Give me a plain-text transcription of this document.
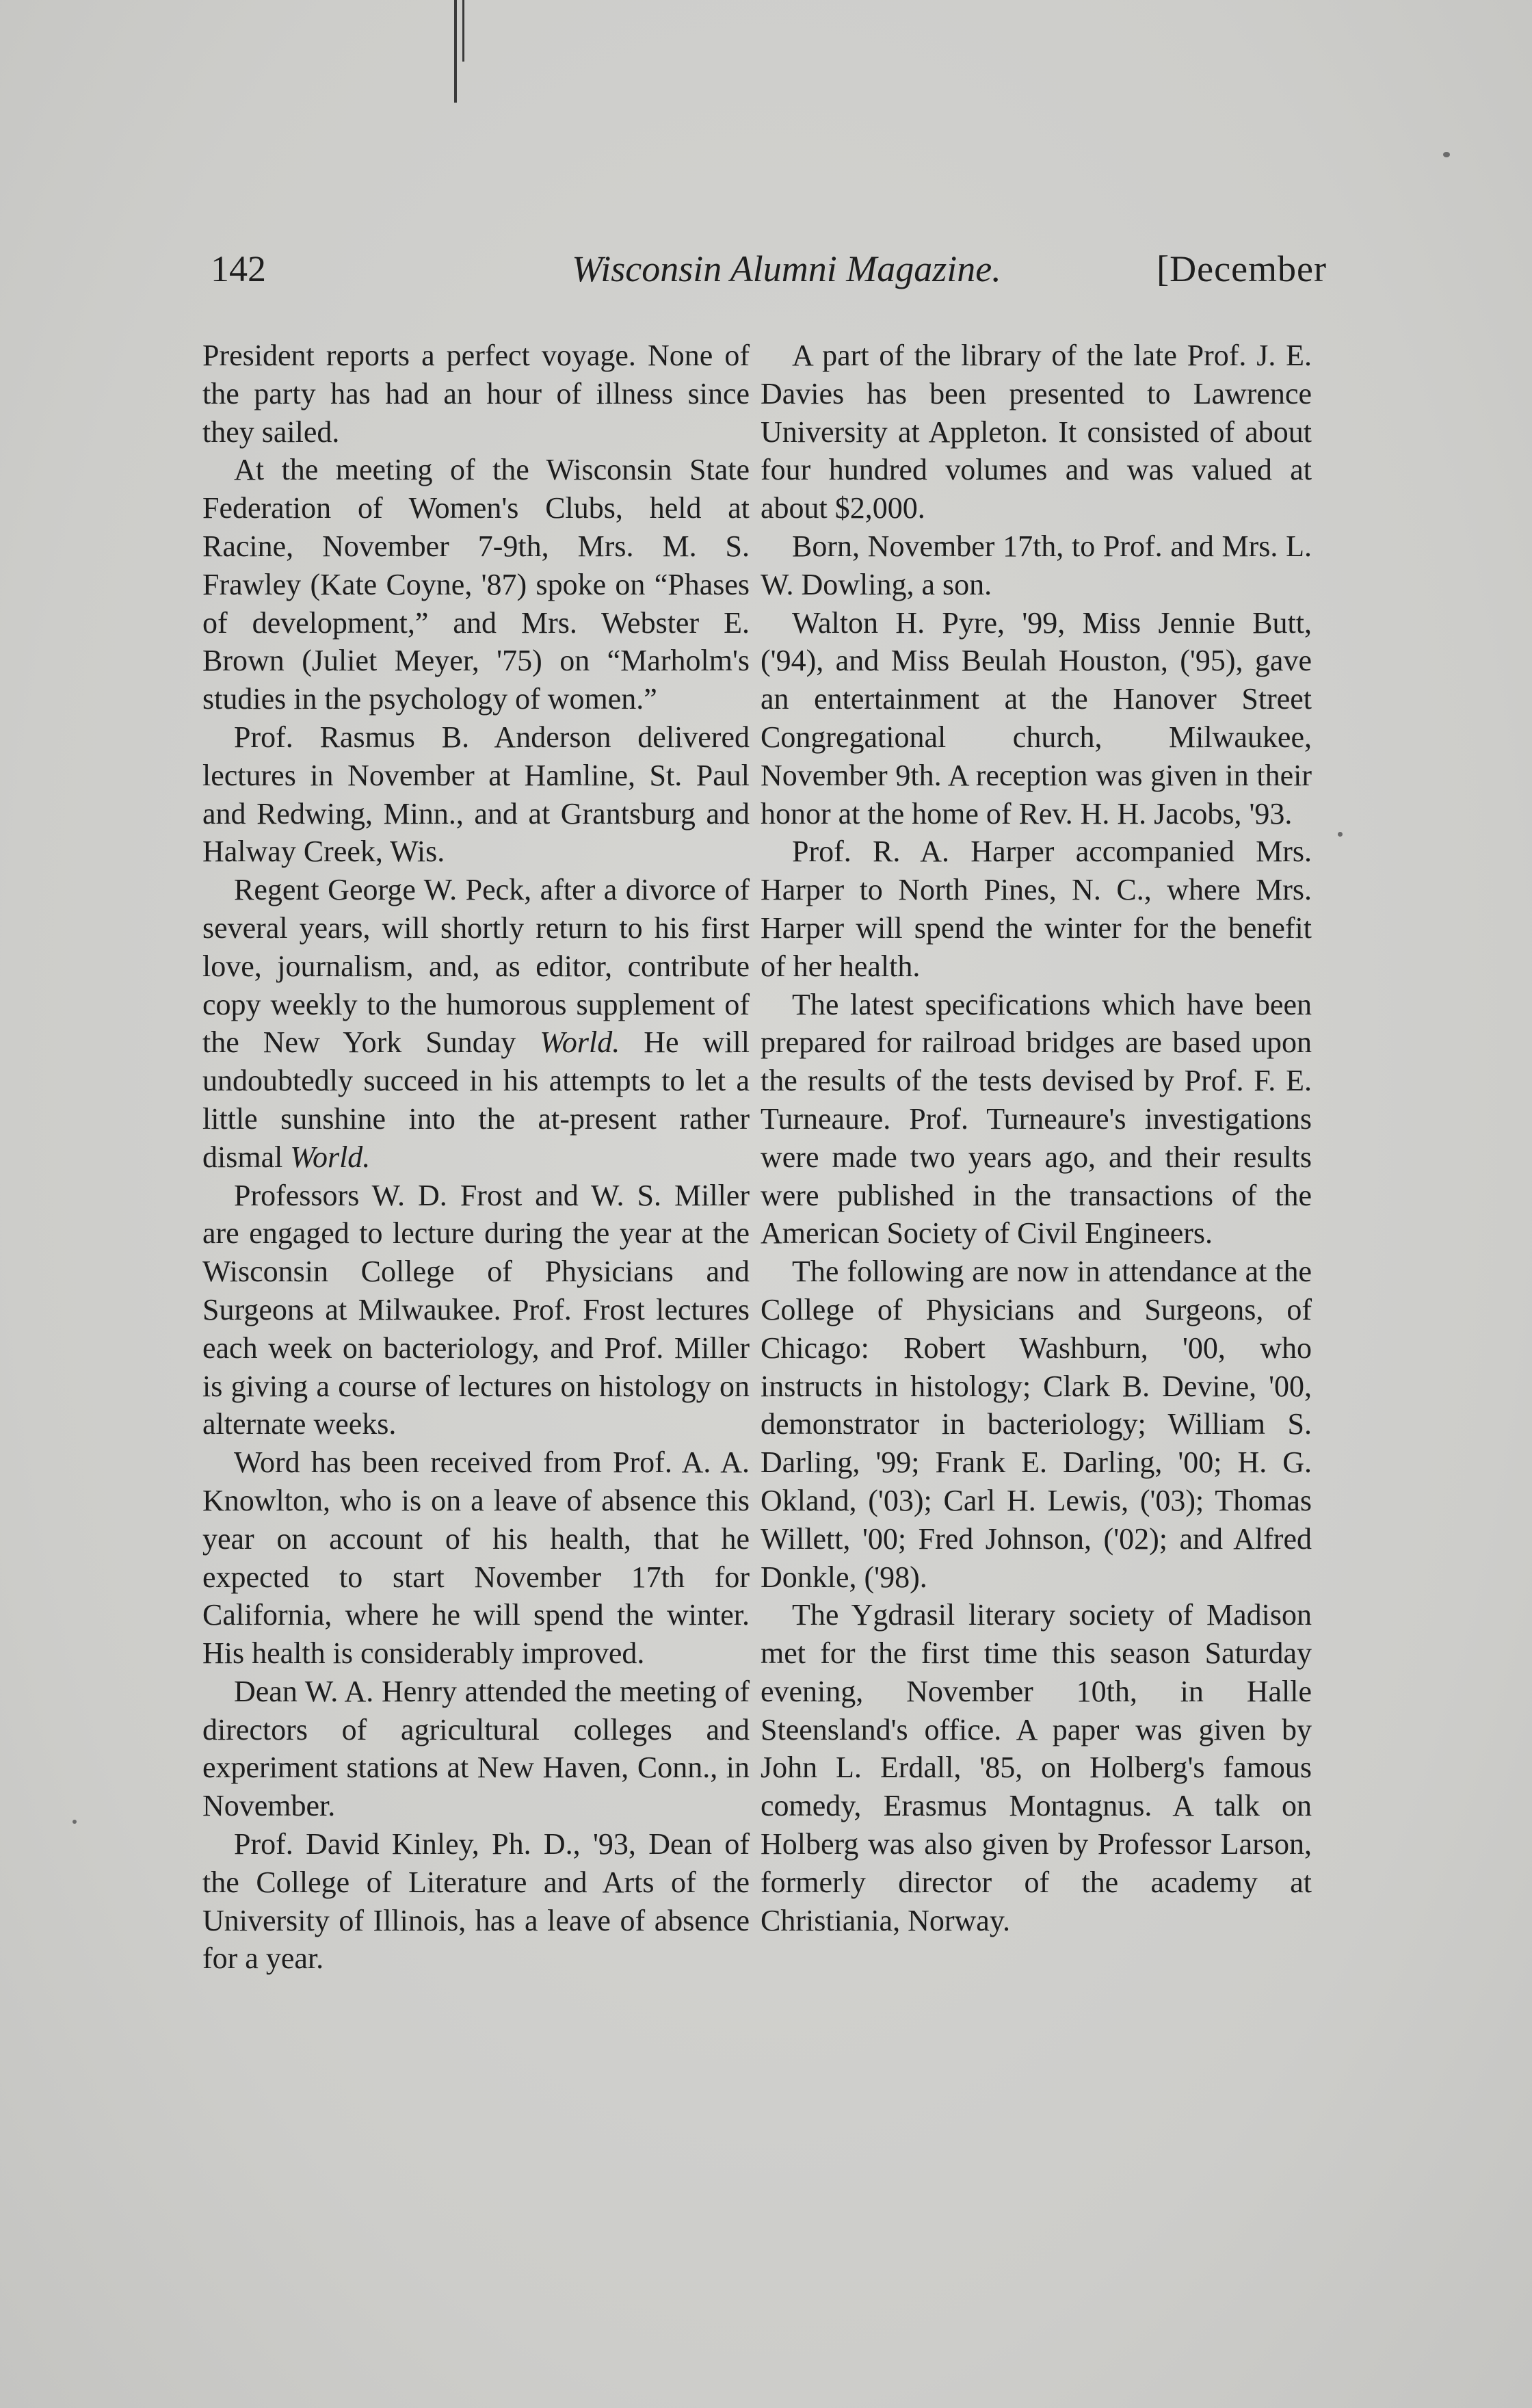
142	Wisconsin Alumni Magazine.	[December

President reports a perfect voyage. None of the party has had an hour of illness since they sailed.

At the meeting of the Wisconsin State Federation of Women's Clubs, held at Racine, November 7-9th, Mrs. M. S. Frawley (Kate Coyne, '87) spoke on “Phases of development,” and Mrs. Webster E. Brown (Juliet Meyer, '75) on “Marholm's studies in the psychology of women.”

Prof. Rasmus B. Anderson delivered lectures in November at Hamline, St. Paul and Redwing, Minn., and at Grantsburg and Halway Creek, Wis.

Regent George W. Peck, after a divorce of several years, will shortly return to his first love, journalism, and, as editor, contribute copy weekly to the humorous supplement of the New York Sunday World. He will undoubtedly succeed in his attempts to let a little sunshine into the at-present rather dismal World.

Professors W. D. Frost and W. S. Miller are engaged to lecture during the year at the Wisconsin College of Physicians and Surgeons at Milwaukee. Prof. Frost lectures each week on bacteriology, and Prof. Miller is giving a course of lectures on histology on alternate weeks.

Word has been received from Prof. A. A. Knowlton, who is on a leave of absence this year on account of his health, that he expected to start November 17th for California, where he will spend the winter. His health is considerably improved.

Dean W. A. Henry attended the meeting of directors of agricultural colleges and experiment stations at New Haven, Conn., in November.

Prof. David Kinley, Ph. D., '93, Dean of the College of Literature and Arts of the University of Illinois, has a leave of absence for a year.

A part of the library of the late Prof. J. E. Davies has been presented to Lawrence University at Appleton. It consisted of about four hundred volumes and was valued at about $2,000.

Born, November 17th, to Prof. and Mrs. L. W. Dowling, a son.

Walton H. Pyre, '99, Miss Jennie Butt, ('94), and Miss Beulah Houston, ('95), gave an entertainment at the Hanover Street Congregational church, Milwaukee, November 9th. A reception was given in their honor at the home of Rev. H. H. Jacobs, '93.

Prof. R. A. Harper accompanied Mrs. Harper to North Pines, N. C., where Mrs. Harper will spend the winter for the benefit of her health.

The latest specifications which have been prepared for railroad bridges are based upon the results of the tests devised by Prof. F. E. Turneaure. Prof. Turneaure's investigations were made two years ago, and their results were published in the transactions of the American Society of Civil Engineers.

The following are now in attendance at the College of Physicians and Surgeons, of Chicago: Robert Washburn, '00, who instructs in histology; Clark B. Devine, '00, demonstrator in bacteriology; William S. Darling, '99; Frank E. Darling, '00; H. G. Okland, ('03); Carl H. Lewis, ('03); Thomas Willett, '00; Fred Johnson, ('02); and Alfred Donkle, ('98).

The Ygdrasil literary society of Madison met for the first time this season Saturday evening, November 10th, in Halle Steensland's office. A paper was given by John L. Erdall, '85, on Holberg's famous comedy, Erasmus Montagnus. A talk on Holberg was also given by Professor Larson, formerly director of the academy at Christiania, Norway.
